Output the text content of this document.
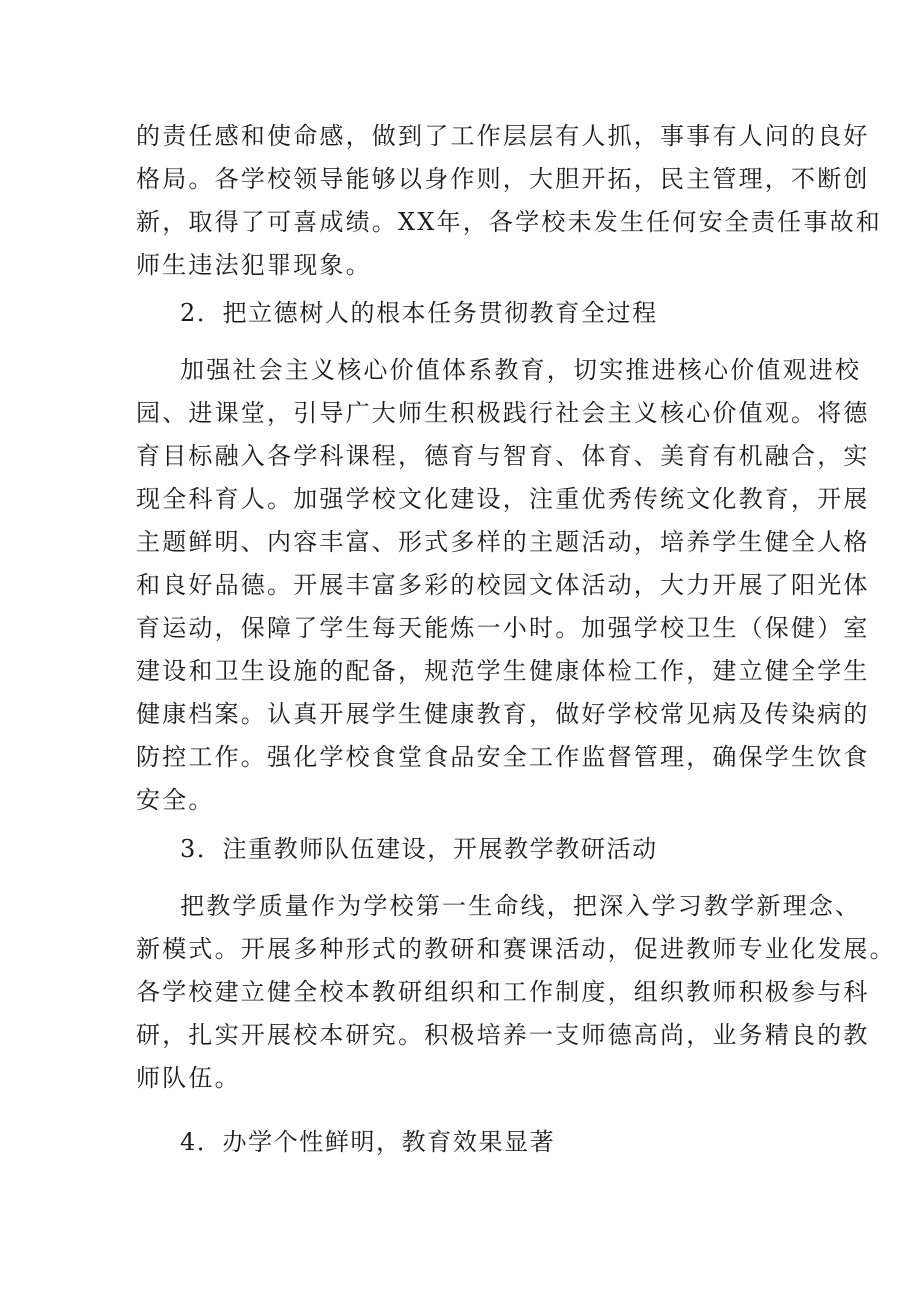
的责任感和使命感，做到了工作层层有人抓，事事有人问的良好
格局。各学校领导能够以身作则，大胆开拓，民主管理，不断创
新，取得了可喜成绩。XX年，各学校未发生任何安全责任事故和
师生违法犯罪现象。
2．把立德树人的根本任务贯彻教育全过程
加强社会主义核心价值体系教育，切实推进核心价值观进校
园、进课堂，引导广大师生积极践行社会主义核心价值观。将德
育目标融入各学科课程，德育与智育、体育、美育有机融合，实
现全科育人。加强学校文化建设，注重优秀传统文化教育，开展
主题鲜明、内容丰富、形式多样的主题活动，培养学生健全人格
和良好品德。开展丰富多彩的校园文体活动，大力开展了阳光体
育运动，保障了学生每天能炼一小时。加强学校卫生（保健）室
建设和卫生设施的配备，规范学生健康体检工作，建立健全学生
健康档案。认真开展学生健康教育，做好学校常见病及传染病的
防控工作。强化学校食堂食品安全工作监督管理，确保学生饮食
安全。
3．注重教师队伍建设，开展教学教研活动
把教学质量作为学校第一生命线，把深入学习教学新理念、
新模式。开展多种形式的教研和赛课活动，促进教师专业化发展。
各学校建立健全校本教研组织和工作制度，组织教师积极参与科
研，扎实开展校本研究。积极培养一支师德高尚，业务精良的教
师队伍。
4．办学个性鲜明，教育效果显著
